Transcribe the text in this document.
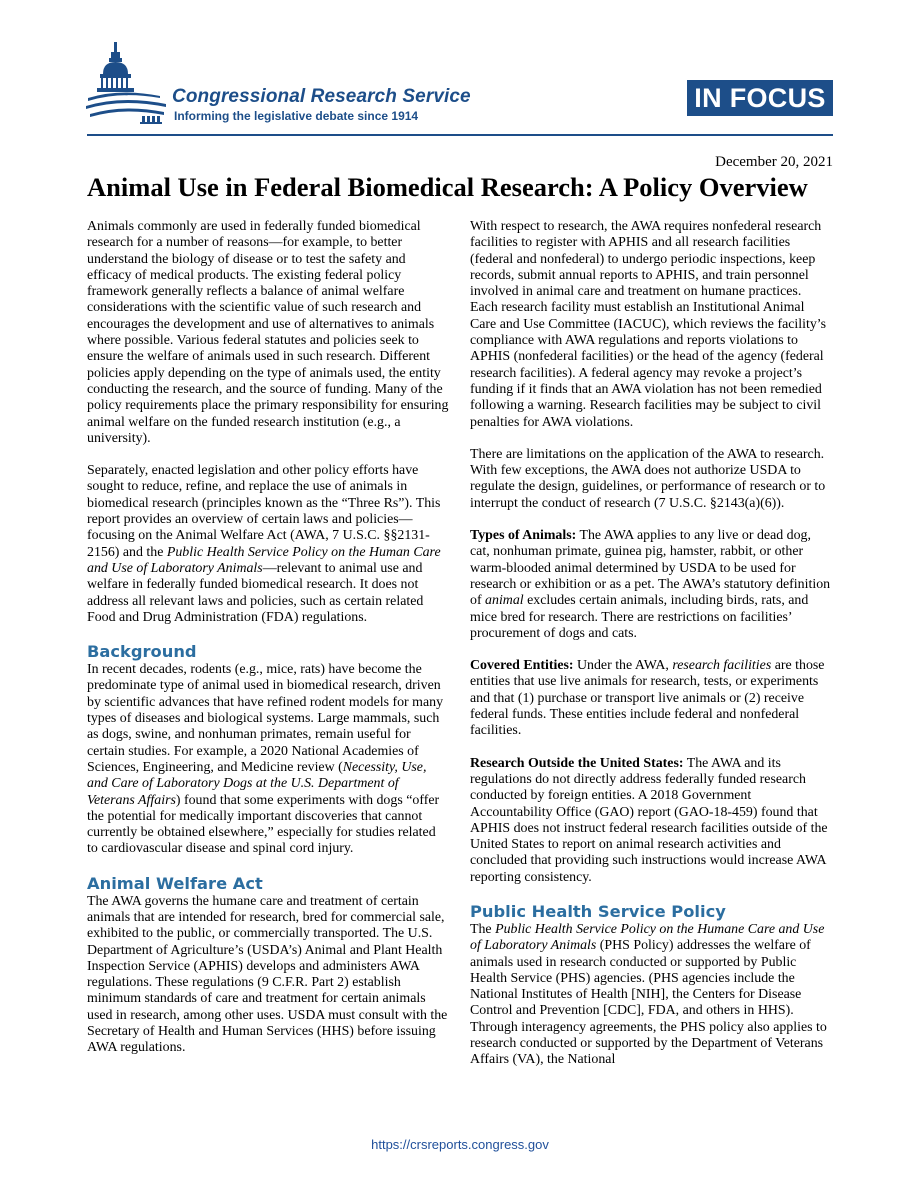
Congressional Research Service
Informing the legislative debate since 1914
IN FOCUS
December 20, 2021
Animal Use in Federal Biomedical Research: A Policy Overview

Animals commonly are used in federally funded biomedical research for a number of reasons—for example, to better understand the biology of disease or to test the safety and efficacy of medical products. The existing federal policy framework generally reflects a balance of animal welfare considerations with the scientific value of such research and encourages the development and use of alternatives to animals where possible. Various federal statutes and policies seek to ensure the welfare of animals used in such research. Different policies apply depending on the type of animals used, the entity conducting the research, and the source of funding. Many of the policy requirements place the primary responsibility for ensuring animal welfare on the funded research institution (e.g., a university).

Separately, enacted legislation and other policy efforts have sought to reduce, refine, and replace the use of animals in biomedical research (principles known as the “Three Rs”). This report provides an overview of certain laws and policies—focusing on the Animal Welfare Act (AWA, 7 U.S.C. §§2131-2156) and the Public Health Service Policy on the Human Care and Use of Laboratory Animals—relevant to animal use and welfare in federally funded biomedical research. It does not address all relevant laws and policies, such as certain related Food and Drug Administration (FDA) regulations.

Background

In recent decades, rodents (e.g., mice, rats) have become the predominate type of animal used in biomedical research, driven by scientific advances that have refined rodent models for many types of diseases and biological systems. Large mammals, such as dogs, swine, and nonhuman primates, remain useful for certain studies. For example, a 2020 National Academies of Sciences, Engineering, and Medicine review (Necessity, Use, and Care of Laboratory Dogs at the U.S. Department of Veterans Affairs) found that some experiments with dogs “offer the potential for medically important discoveries that cannot currently be obtained elsewhere,” especially for studies related to cardiovascular disease and spinal cord injury.

Animal Welfare Act

The AWA governs the humane care and treatment of certain animals that are intended for research, bred for commercial sale, exhibited to the public, or commercially transported. The U.S. Department of Agriculture’s (USDA’s) Animal and Plant Health Inspection Service (APHIS) develops and administers AWA regulations. These regulations (9 C.F.R. Part 2) establish minimum standards of care and treatment for certain animals used in research, among other uses. USDA must consult with the Secretary of Health and Human Services (HHS) before issuing AWA regulations.

With respect to research, the AWA requires nonfederal research facilities to register with APHIS and all research facilities (federal and nonfederal) to undergo periodic inspections, keep records, submit annual reports to APHIS, and train personnel involved in animal care and treatment on humane practices. Each research facility must establish an Institutional Animal Care and Use Committee (IACUC), which reviews the facility’s compliance with AWA regulations and reports violations to APHIS (nonfederal facilities) or the head of the agency (federal research facilities). A federal agency may revoke a project’s funding if it finds that an AWA violation has not been remedied following a warning. Research facilities may be subject to civil penalties for AWA violations.

There are limitations on the application of the AWA to research. With few exceptions, the AWA does not authorize USDA to regulate the design, guidelines, or performance of research or to interrupt the conduct of research (7 U.S.C. §2143(a)(6)).

Types of Animals: The AWA applies to any live or dead dog, cat, nonhuman primate, guinea pig, hamster, rabbit, or other warm-blooded animal determined by USDA to be used for research or exhibition or as a pet. The AWA’s statutory definition of animal excludes certain animals, including birds, rats, and mice bred for research. There are restrictions on facilities’ procurement of dogs and cats.

Covered Entities: Under the AWA, research facilities are those entities that use live animals for research, tests, or experiments and that (1) purchase or transport live animals or (2) receive federal funds. These entities include federal and nonfederal facilities.

Research Outside the United States: The AWA and its regulations do not directly address federally funded research conducted by foreign entities. A 2018 Government Accountability Office (GAO) report (GAO-18-459) found that APHIS does not instruct federal research facilities outside of the United States to report on animal research activities and concluded that providing such instructions would increase AWA reporting consistency.

Public Health Service Policy

The Public Health Service Policy on the Humane Care and Use of Laboratory Animals (PHS Policy) addresses the welfare of animals used in research conducted or supported by Public Health Service (PHS) agencies. (PHS agencies include the National Institutes of Health [NIH], the Centers for Disease Control and Prevention [CDC], FDA, and others in HHS). Through interagency agreements, the PHS policy also applies to research conducted or supported by the Department of Veterans Affairs (VA), the National

https://crsreports.congress.gov
